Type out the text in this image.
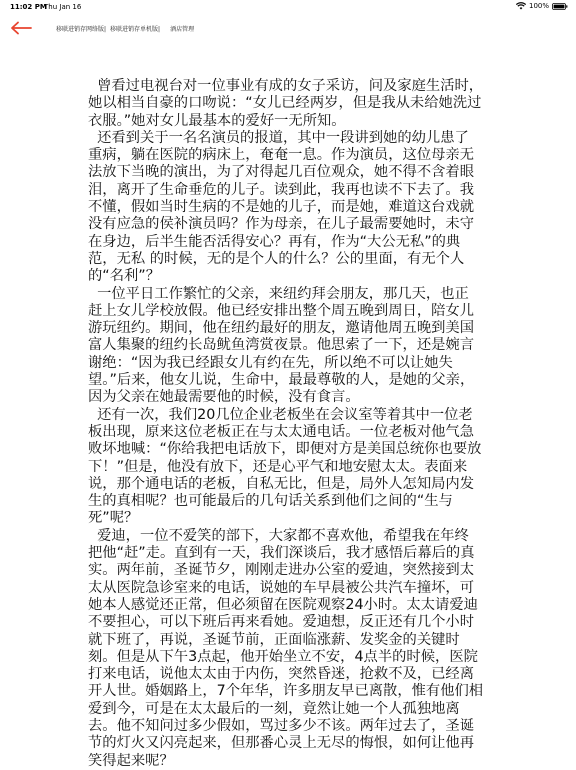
11:02 PM
Thu Jan 16	100%
移联进销存网络版| 移联进销存单机版| 酒店管理

曾看过电视台对一位事业有成的女子采访，问及家庭生活时，

她以相当自豪的口吻说：“女儿已经两岁，但是我从未给她洗过

衣服。”她对女儿最基本的爱好一无所知。

还看到关于一名名演员的报道，其中一段讲到她的幼儿患了

重病，躺在医院的病床上，奄奄一息。作为演员，这位母亲无

法放下当晚的演出，为了对得起几百位观众，她不得不含着眼

泪，离开了生命垂危的儿子。读到此，我再也读不下去了。我

不懂，假如当时生病的不是她的儿子，而是她，难道这台戏就

没有应急的侯补演员吗？作为母亲，在儿子最需要她时，未守

在身边，后半生能否活得安心？再有，作为“大公无私”的典

范，无私 的时候，无的是个人的什么？公的里面，有无个人

的“名利”？

一位平日工作繁忙的父亲，来纽约拜会朋友，那几天，也正

赶上女儿学校放假。他已经安排出整个周五晚到周日，陪女儿

游玩纽约。期间，他在纽约最好的朋友，邀请他周五晚到美国

富人集聚的纽约长岛鱿鱼湾赏夜景。他思索了一下，还是婉言

谢绝：“因为我已经跟女儿有约在先，所以绝不可以让她失

望。”后来，他女儿说，生命中，最最尊敬的人，是她的父亲，

因为父亲在她最需要他的时候，没有食言。

还有一次，我们20几位企业老板坐在会议室等着其中一位老

板出现，原来这位老板正在与太太通电话。一位老板对他气急

败坏地喊：“你给我把电话放下，即便对方是美国总统你也要放

下！”但是，他没有放下，还是心平气和地安慰太太。表面来

说，那个通电话的老板，自私无比，但是，局外人怎知局内发

生的真相呢？也可能最后的几句话关系到他们之间的“生与

死”呢？

爱迪，一位不爱笑的部下，大家都不喜欢他，希望我在年终

把他“赶”走。直到有一天，我们深谈后，我才感悟后幕后的真

实。两年前，圣诞节夕，刚刚走进办公室的爱迪，突然接到太

太从医院急诊室来的电话，说她的车早晨被公共汽车撞坏，可

她本人感觉还正常，但必须留在医院观察24小时。太太请爱迪

不要担心，可以下班后再来看她。爱迪想，反正还有几个小时

就下班了，再说，圣诞节前，正面临涨薪、发奖金的关键时

刻。但是从下午3点起，他开始坐立不安，4点半的时候，医院

打来电话，说他太太由于内伤，突然昏迷，抢救不及，已经离

开人世。婚姻路上，7个年华，许多朋友早已离散，惟有他们相

爱到今，可是在太太最后的一刻，竟然让她一个人孤独地离

去。他不知问过多少假如，骂过多少不该。两年过去了，圣诞

节的灯火又闪亮起来，但那番心灵上无尽的悔恨，如何让他再

笑得起来呢？
